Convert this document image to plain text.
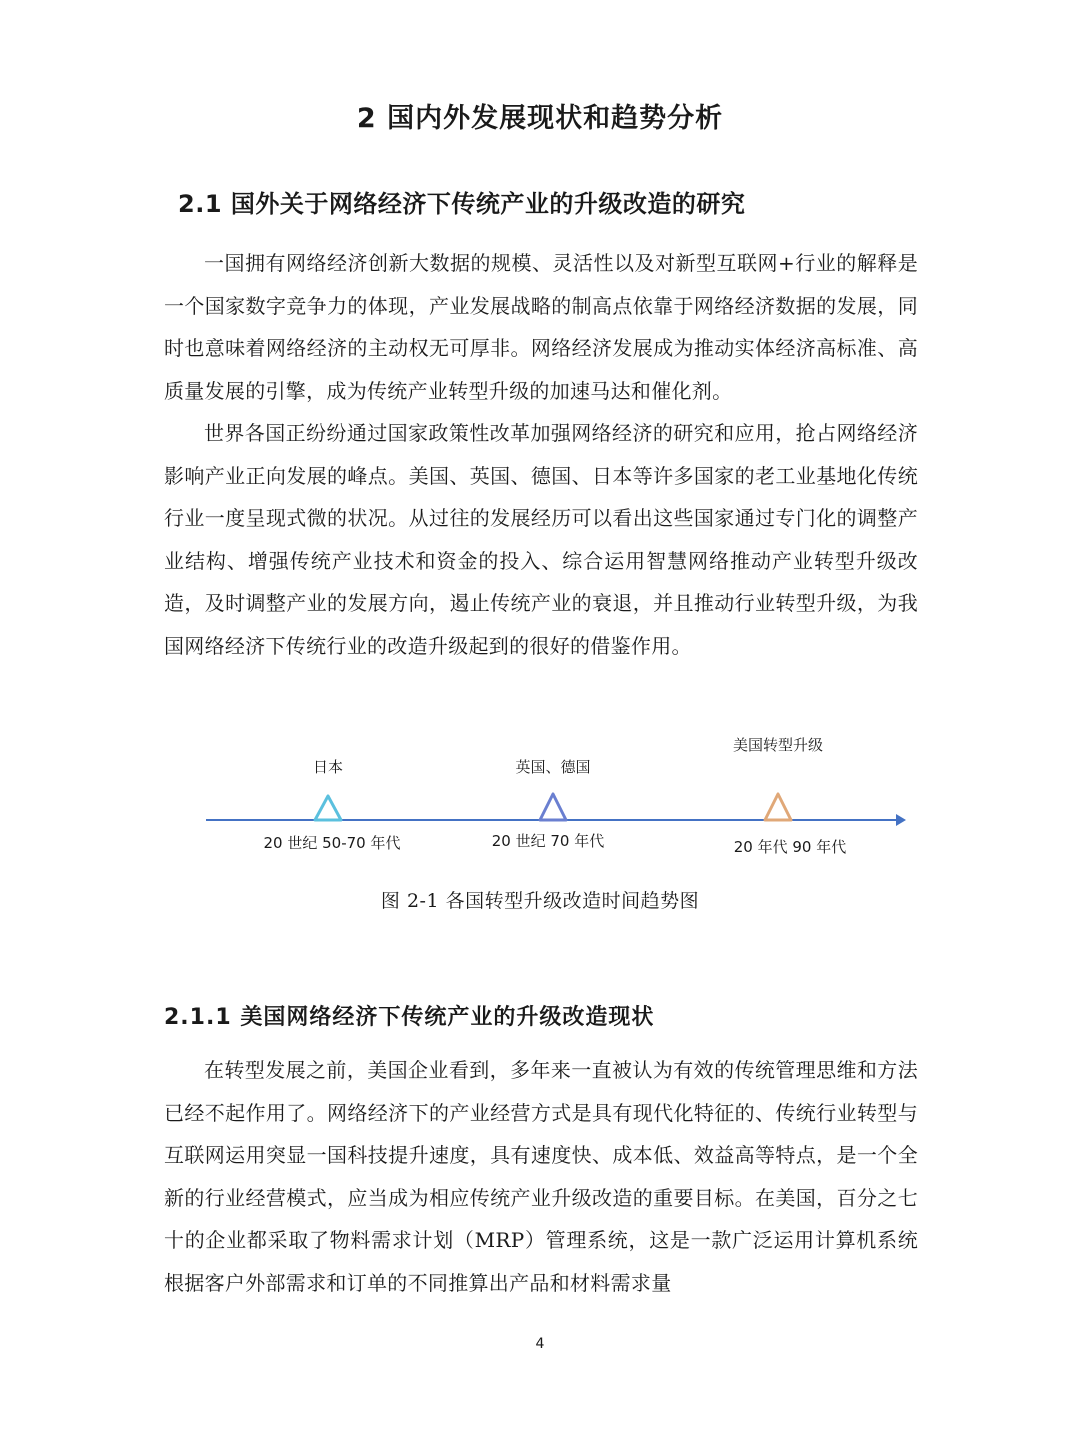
2 国内外发展现状和趋势分析
2.1 国外关于网络经济下传统产业的升级改造的研究

一国拥有网络经济创新大数据的规模、灵活性以及对新型互联网+行业的解释是一个国家数字竞争力的体现，产业发展战略的制高点依靠于网络经济数据的发展，同时也意味着网络经济的主动权无可厚非。网络经济发展成为推动实体经济高标准、高质量发展的引擎，成为传统产业转型升级的加速马达和催化剂。

世界各国正纷纷通过国家政策性改革加强网络经济的研究和应用，抢占网络经济影响产业正向发展的峰点。美国、英国、德国、日本等许多国家的老工业基地化传统行业一度呈现式微的状况。从过往的发展经历可以看出这些国家通过专门化的调整产业结构、增强传统产业技术和资金的投入、综合运用智慧网络推动产业转型升级改造，及时调整产业的发展方向，遏止传统产业的衰退，并且推动行业转型升级，为我国网络经济下传统行业的改造升级起到的很好的借鉴作用。

日本	英国、德国
美国转型升级
20 世纪 50-70 年代	20 世纪 70 年代	20 年代 90 年代

图 2-1 各国转型升级改造时间趋势图

2.1.1 美国网络经济下传统产业的升级改造现状

在转型发展之前，美国企业看到，多年来一直被认为有效的传统管理思维和方法已经不起作用了。网络经济下的产业经营方式是具有现代化特征的、传统行业转型与互联网运用突显一国科技提升速度，具有速度快、成本低、效益高等特点，是一个全新的行业经营模式，应当成为相应传统产业升级改造的重要目标。在美国，百分之七十的企业都采取了物料需求计划（MRP）管理系统，这是一款广泛运用计算机系统根据客户外部需求和订单的不同推算出产品和材料需求量

4
